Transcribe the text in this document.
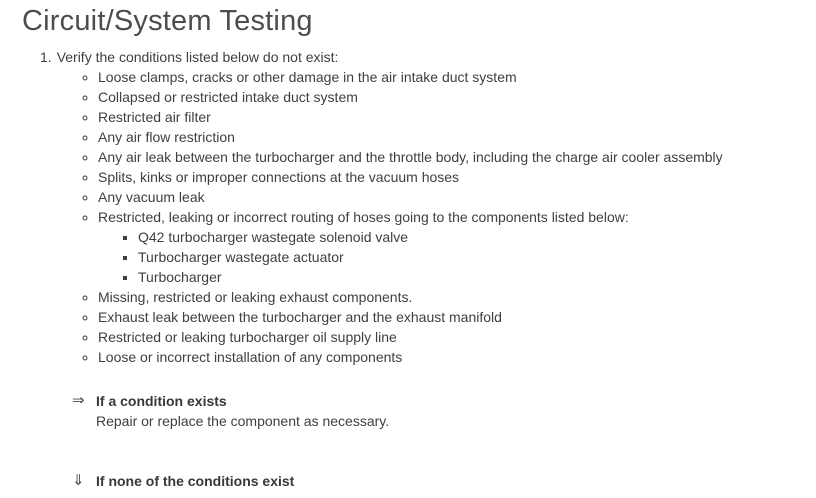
Circuit/System Testing
1. Verify the conditions listed below do not exist:
◦ Loose clamps, cracks or other damage in the air intake duct system
◦ Collapsed or restricted intake duct system
◦ Restricted air filter
◦ Any air flow restriction
◦ Any air leak between the turbocharger and the throttle body, including the charge air cooler assembly
◦ Splits, kinks or improper connections at the vacuum hoses
◦ Any vacuum leak
◦ Restricted, leaking or incorrect routing of hoses going to the components listed below:
▪ Q42 turbocharger wastegate solenoid valve
▪ Turbocharger wastegate actuator
▪ Turbocharger
◦ Missing, restricted or leaking exhaust components.
◦ Exhaust leak between the turbocharger and the exhaust manifold
◦ Restricted or leaking turbocharger oil supply line
◦ Loose or incorrect installation of any components
⇒ If a condition exists
Repair or replace the component as necessary.
⇓ If none of the conditions exist
